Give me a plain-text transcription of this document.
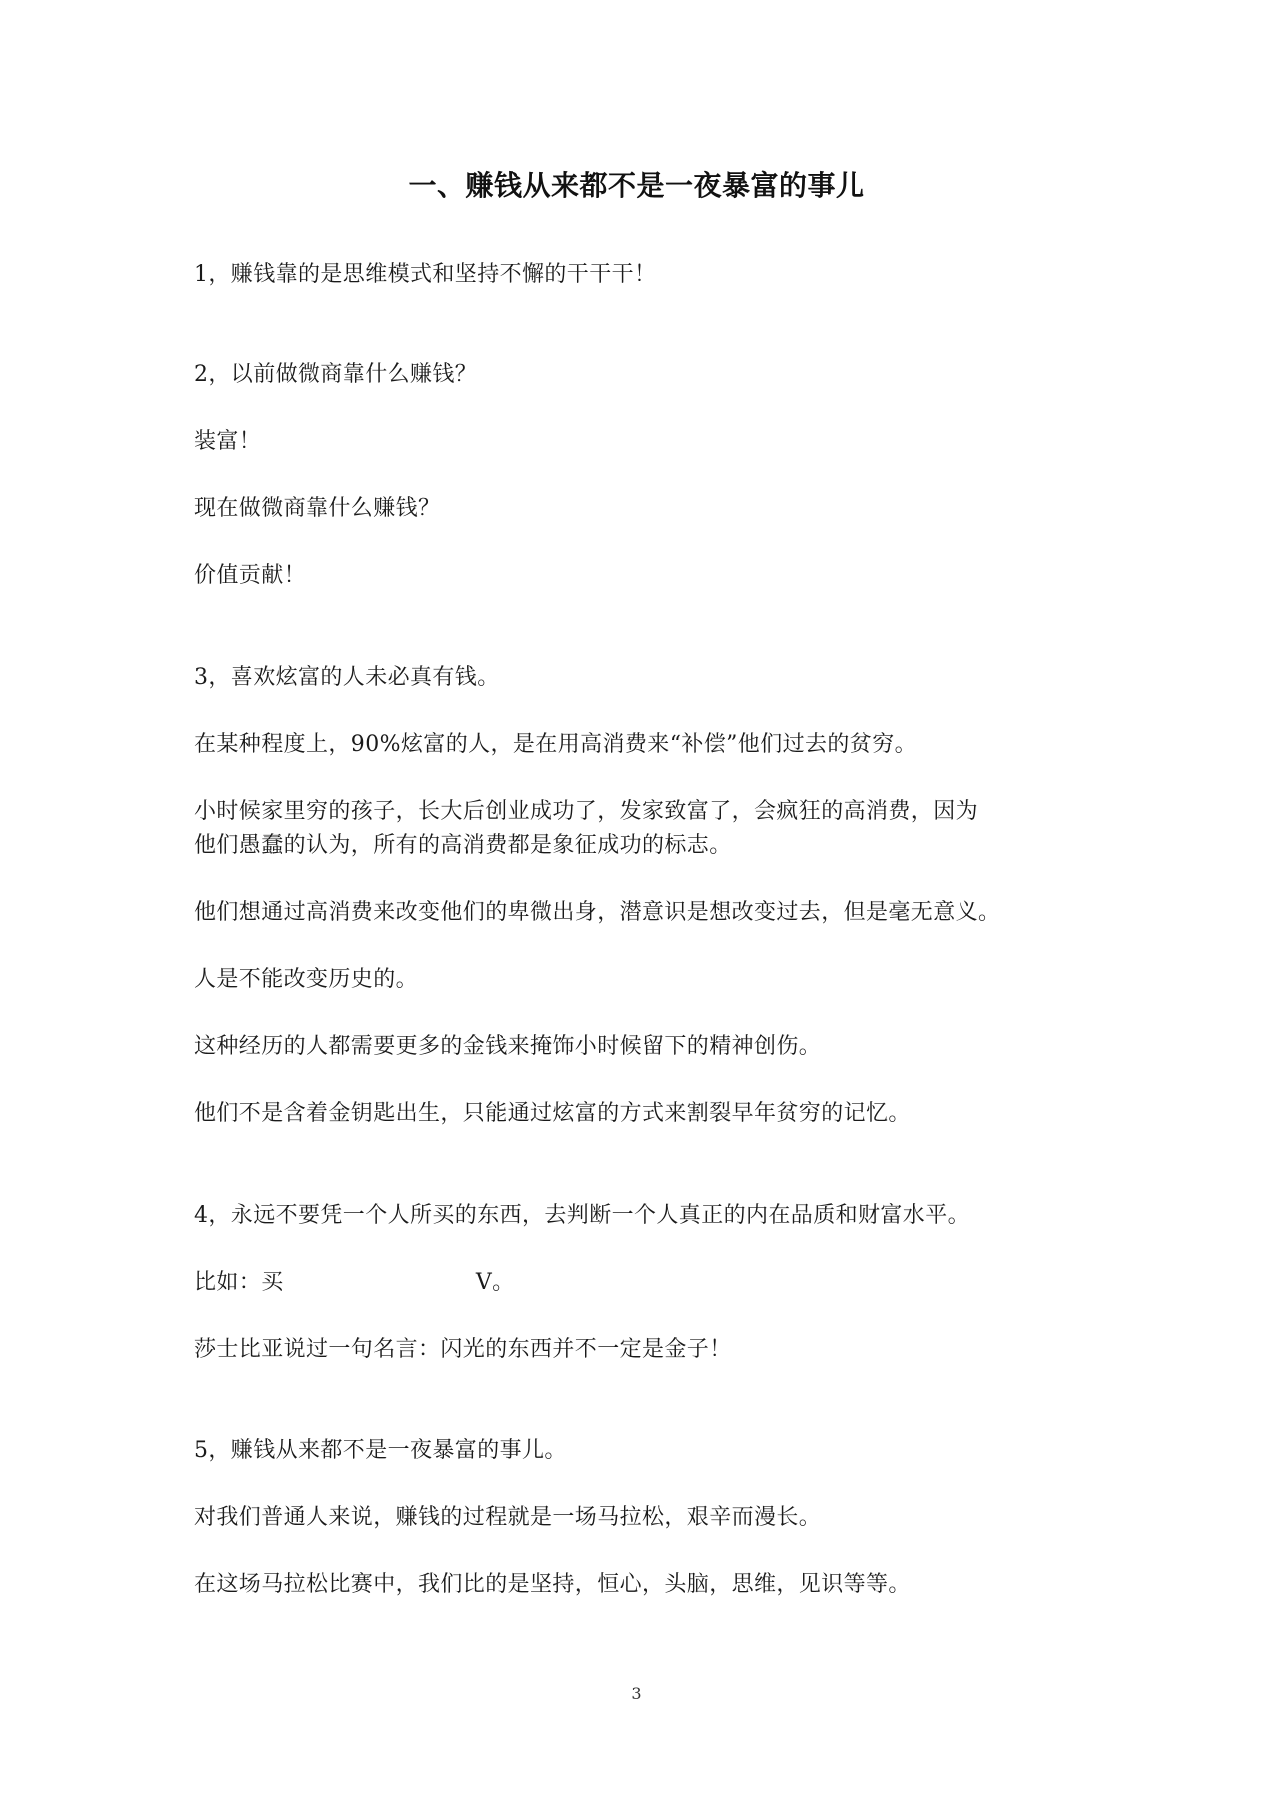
一、赚钱从来都不是一夜暴富的事儿
1，赚钱靠的是思维模式和坚持不懈的干干干！
2，以前做微商靠什么赚钱？
装富！
现在做微商靠什么赚钱？
价值贡献！
3，喜欢炫富的人未必真有钱。
在某种程度上，90%炫富的人，是在用高消费来“补偿”他们过去的贫穷。
小时候家里穷的孩子，长大后创业成功了，发家致富了，会疯狂的高消费，因为
他们愚蠢的认为，所有的高消费都是象征成功的标志。
他们想通过高消费来改变他们的卑微出身，潜意识是想改变过去，但是毫无意义。
人是不能改变历史的。
这种经历的人都需要更多的金钱来掩饰小时候留下的精神创伤。
他们不是含着金钥匙出生，只能通过炫富的方式来割裂早年贫穷的记忆。
4，永远不要凭一个人所买的东西，去判断一个人真正的内在品质和财富水平。
比如：买                          V。
莎士比亚说过一句名言：闪光的东西并不一定是金子！
5，赚钱从来都不是一夜暴富的事儿。
对我们普通人来说，赚钱的过程就是一场马拉松，艰辛而漫长。
在这场马拉松比赛中，我们比的是坚持，恒心，头脑，思维，见识等等。
3
